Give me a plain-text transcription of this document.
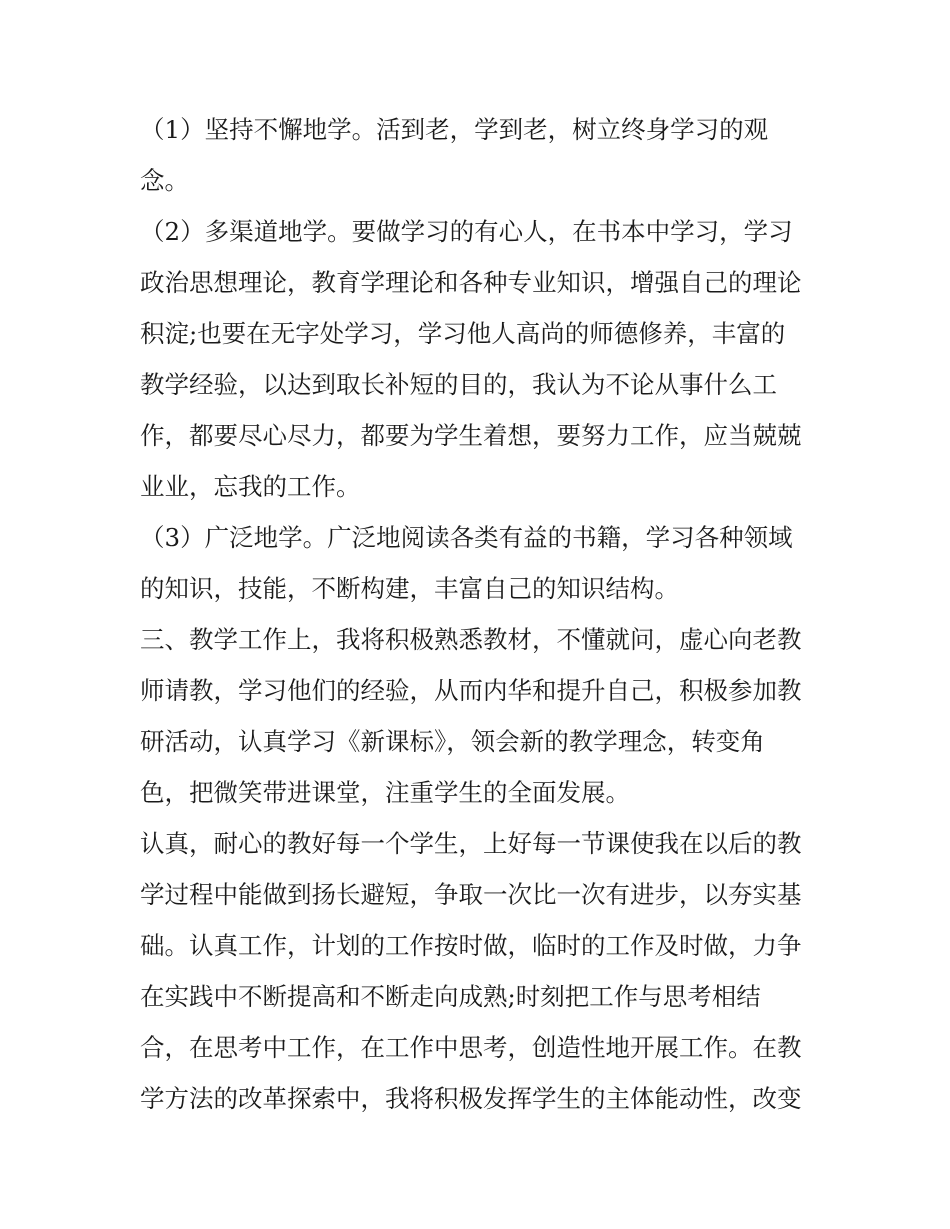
（1）坚持不懈地学。活到老，学到老，树立终身学习的观
念。
（2）多渠道地学。要做学习的有心人，在书本中学习，学习
政治思想理论，教育学理论和各种专业知识，增强自己的理论
积淀;也要在无字处学习，学习他人高尚的师德修养，丰富的
教学经验，以达到取长补短的目的，我认为不论从事什么工
作，都要尽心尽力，都要为学生着想，要努力工作，应当兢兢
业业，忘我的工作。
（3）广泛地学。广泛地阅读各类有益的书籍，学习各种领域
的知识，技能，不断构建，丰富自己的知识结构。
三、教学工作上，我将积极熟悉教材，不懂就问，虚心向老教
师请教，学习他们的经验，从而内华和提升自己，积极参加教
研活动，认真学习《新课标》，领会新的教学理念，转变角
色，把微笑带进课堂，注重学生的全面发展。
认真，耐心的教好每一个学生，上好每一节课使我在以后的教
学过程中能做到扬长避短，争取一次比一次有进步，以夯实基
础。认真工作，计划的工作按时做，临时的工作及时做，力争
在实践中不断提高和不断走向成熟;时刻把工作与思考相结
合，在思考中工作，在工作中思考，创造性地开展工作。在教
学方法的改革探索中，我将积极发挥学生的主体能动性，改变
